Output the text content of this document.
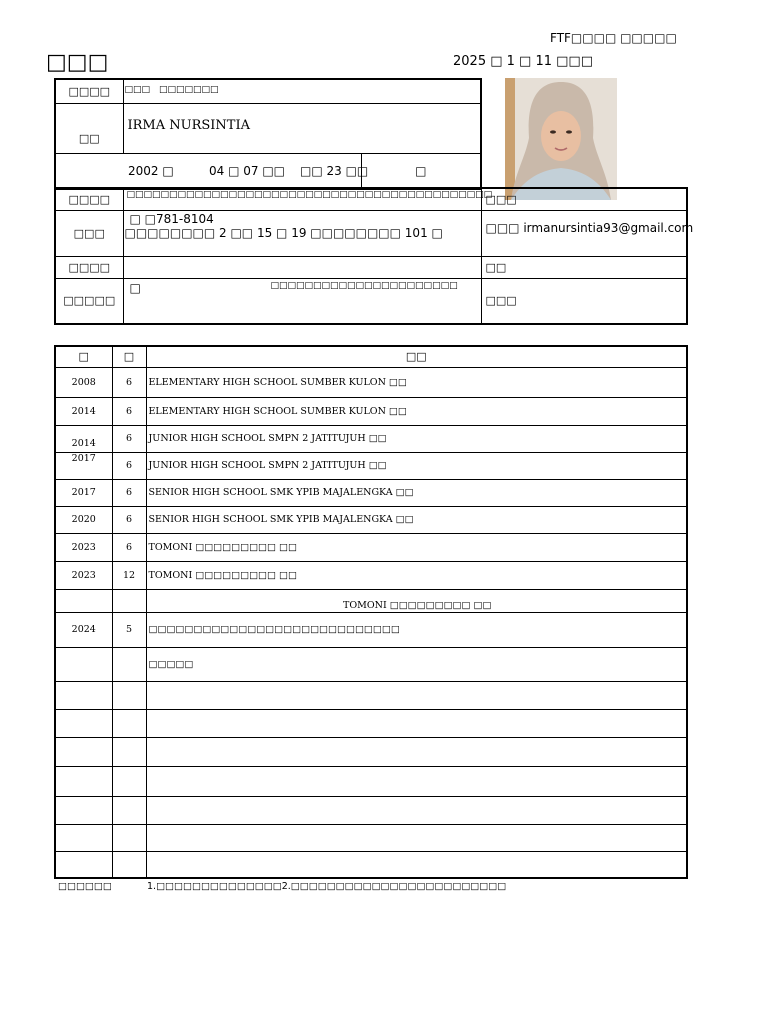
FTF□□□□ □□□□□
□□□	2025 □ 1 □ 11 □□□
□□□□	□□□　□□□□□□□	
□□	IRMA NURSINTIA	

2002 □ 04 □ 07 □□ □□ 23 □□		□
□□□□	□□□□□□□□□□□□□□□□□□□□□□□□□□□□□□□□□□□□□□□□□□□	□□□
□□□	□ □781-8104
□□□□□□□□ 2 □□ 15 □ 19 □□□□□□□□ 101 □	□□□ irmanursintia93@gmail.com
□□□□		□□
□□□□□	□ □□□□□□□□□□□□□□□□□□□□□□	□□□
□	□	□□
2008	6	ELEMENTARY HIGH SCHOOL SUMBER KULON □□
2014	6	ELEMENTARY HIGH SCHOOL SUMBER KULON □□
2014	6	JUNIOR HIGH SCHOOL SMPN 2 JATITUJUH □□
2017	6	JUNIOR HIGH SCHOOL SMPN 2 JATITUJUH □□
2017	6	SENIOR HIGH SCHOOL SMK YPIB MAJALENGKA □□
2020	6	SENIOR HIGH SCHOOL SMK YPIB MAJALENGKA □□
2023	6	TOMONI □□□□□□□□□ □□
2023	12	TOMONI □□□□□□□□□ □□
		TOMONI □□□□□□□□□ □□
2024	5	□□□□□□□□□□□□□□□□□□□□□□□□□□□□
		□□□□□

□□□□□□	1.□□□□□□□□□□□□□□2.□□□□□□□□□□□□□□□□□□□□□□□□
